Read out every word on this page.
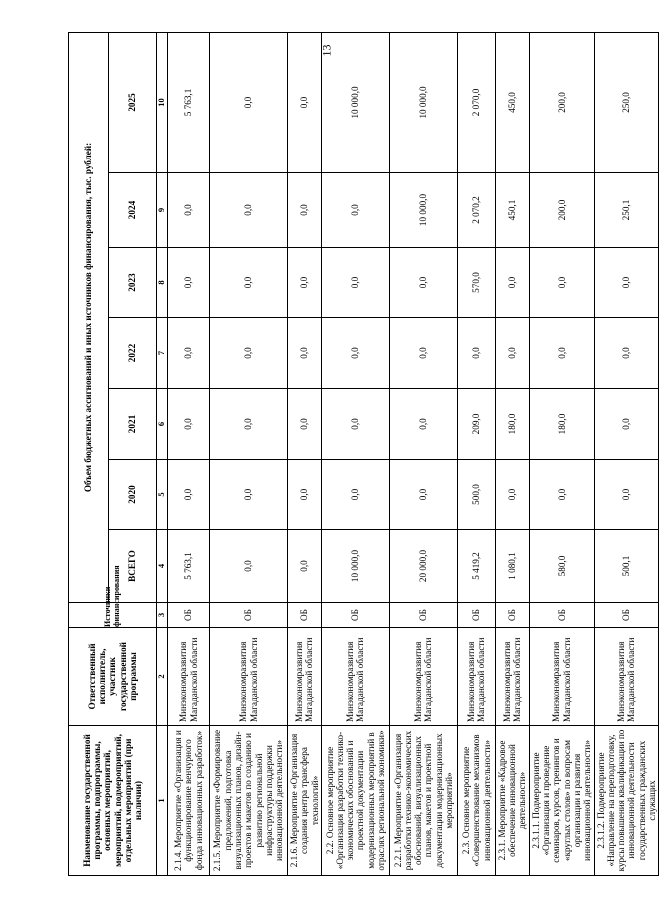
13
Наименование государственной программы, подпрограммы, основных мероприятий, мероприятий, подмероприятий, отдельных мероприятий (при наличии)	Ответственный исполнитель, участник государственной программы	Источники финансирования	Объем бюджетных ассигнований и иных источников финансирования, тыс. рублей:						
			ВСЕГО	2020	2021	2022	2023	2024	2025
1	2	3	4	5	6	7	8	9	10
2.1.4. Мероприятие «Организация и функционирование венчурного фонда инновационных разработок»	Минэкономразвития Магаданской области	ОБ	5 763,1	0,0	0,0	0,0	0,0	0,0	5 763,1
2.1.5. Мероприятие «Формирование предложений, подготовка визуализационных планов, дизайн-проектов и макетов по созданию и развитию региональной инфраструктуры поддержки инновационной деятельности»	Минэкономразвития Магаданской области	ОБ	0,0	0,0	0,0	0,0	0,0	0,0	0,0
2.1.6. Мероприятие «Организация создания центра трансфера технологий»	Минэкономразвития Магаданской области	ОБ	0,0	0,0	0,0	0,0	0,0	0,0	0,0
2.2. Основное мероприятие «Организация разработки технико-экономических обоснований и проектной документации модернизационных мероприятий в отраслях региональной экономики»	Минэкономразвития Магаданской области	ОБ	10 000,0	0,0	0,0	0,0	0,0	0,0	10 000,0
2.2.1. Мероприятие «Организация разработки технико-экономических обоснований, визуализационных планов, макетов и проектной документации модернизационных мероприятий»	Минэкономразвития Магаданской области	ОБ	20 000,0	0,0	0,0	0,0	0,0	10 000,0	10 000,0
2.3. Основное мероприятие «Совершенствование механизмов инновационной деятельности»	Минэкономразвития Магаданской области	ОБ	5 419,2	500,0	209,0	0,0	570,0	2 070,2	2 070,0
2.3.1. Мероприятие «Кадровое обеспечение инновационной деятельности»	Минэкономразвития Магаданской области	ОБ	1 080,1	0,0	180,0	0,0	0,0	450,1	450,0
2.3.1.1. Подмероприятие «Организация и проведение семинаров, курсов, тренингов и «круглых столов» по вопросам организации и развития инновационной деятельности»	Минэкономразвития Магаданской области	ОБ	580,0	0,0	180,0	0,0	0,0	200,0	200,0
2.3.1.2. Подмероприятие «Направление на переподготовку, курсы повышения квалификации по инновационной деятельности государственных гражданских служащих	Минэкономразвития Магаданской области	ОБ	500,1	0,0	0,0	0,0	0,0	250,1	250,0
